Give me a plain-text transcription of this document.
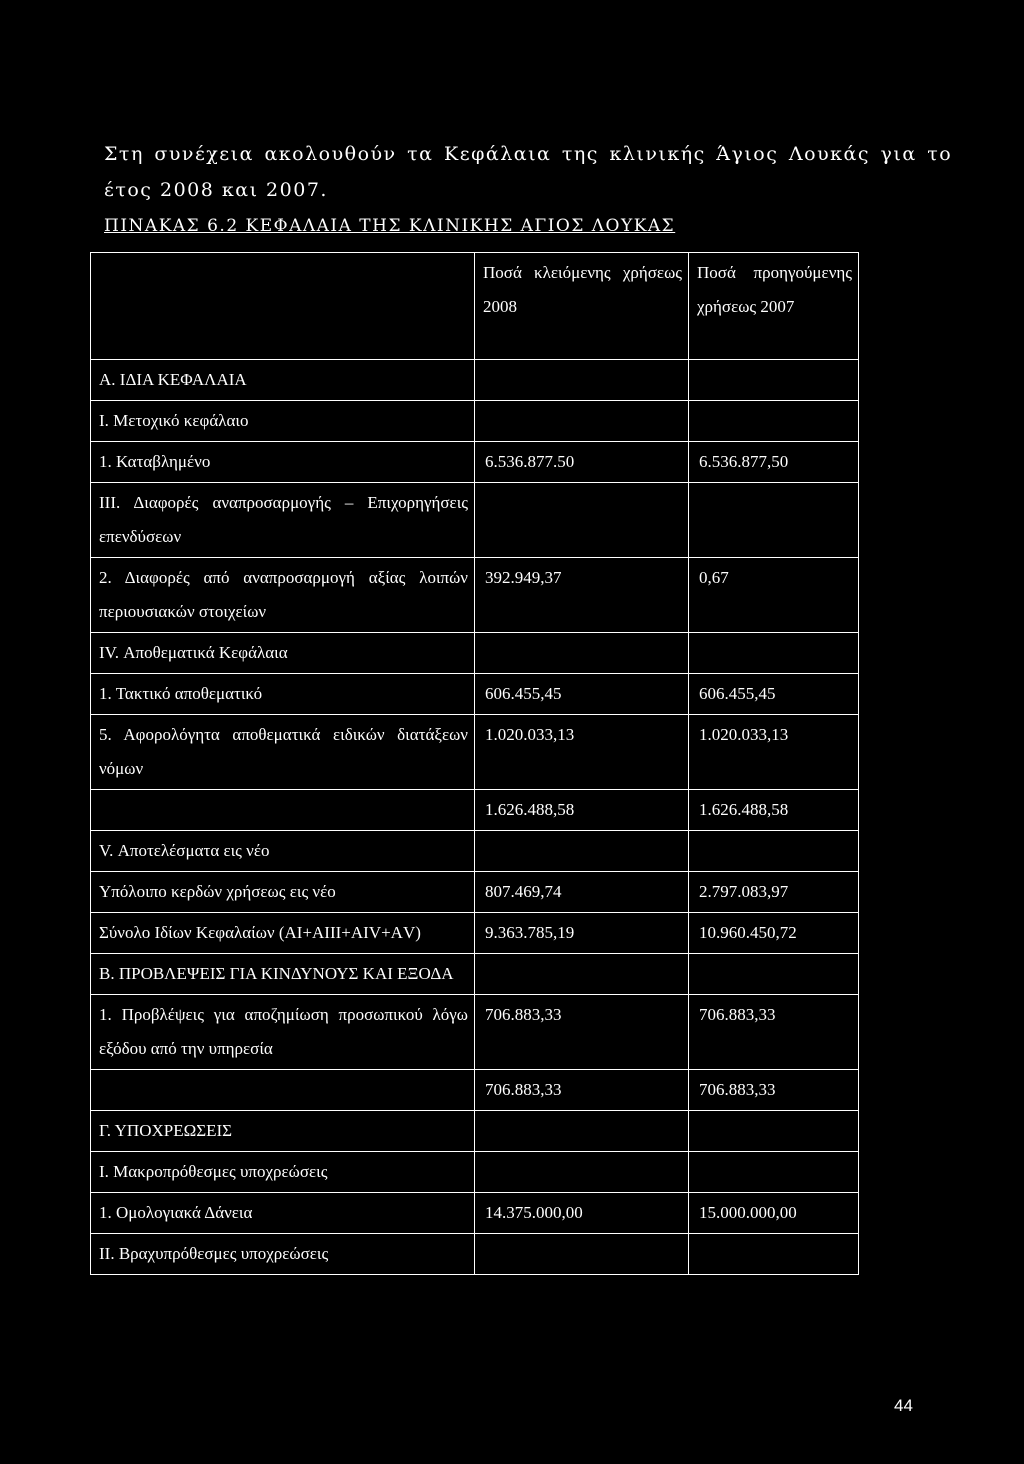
Στη συνέχεια ακολουθούν τα Κεφάλαια της κλινικής Άγιος Λουκάς για το
έτος 2008 και 2007.
ΠΙΝΑΚΑΣ 6.2 ΚΕΦΑΛΑΙΑ ΤΗΣ ΚΛΙΝΙΚΗΣ ΑΓΙΟΣ ΛΟΥΚΑΣ
	Ποσά κλειόμενης χρήσεως 2008	Ποσά προηγούμενης χρήσεως 2007
Α. ΙΔΙΑ ΚΕΦΑΛΑΙΑ		
Ι. Μετοχικό κεφάλαιο		
1. Καταβλημένο	6.536.877.50	6.536.877,50
ΙΙΙ. Διαφορές αναπροσαρμογής – Επιχορηγήσεις επενδύσεων		
2. Διαφορές από αναπροσαρμογή αξίας λοιπών περιουσιακών στοιχείων	392.949,37	0,67
ΙV. Αποθεματικά Κεφάλαια		
1. Τακτικό αποθεματικό	606.455,45	606.455,45
5. Αφορολόγητα αποθεματικά ειδικών διατάξεων νόμων	1.020.033,13	1.020.033,13
	1.626.488,58	1.626.488,58
V. Αποτελέσματα εις νέο		
Υπόλοιπο κερδών χρήσεως εις νέο	807.469,74	2.797.083,97
Σύνολο Ιδίων Κεφαλαίων (ΑΙ+ΑΙΙΙ+ΑΙV+ΑV)	9.363.785,19	10.960.450,72
Β. ΠΡΟΒΛΕΨΕΙΣ ΓΙΑ ΚΙΝΔΥΝΟΥΣ ΚΑΙ ΕΞΟΔΑ		
1. Προβλέψεις για αποζημίωση προσωπικού λόγω εξόδου από την υπηρεσία	706.883,33	706.883,33
	706.883,33	706.883,33
Γ. ΥΠΟΧΡΕΩΣΕΙΣ		
Ι. Μακροπρόθεσμες υποχρεώσεις		
1. Ομολογιακά Δάνεια	14.375.000,00	15.000.000,00
ΙΙ. Βραχυπρόθεσμες υποχρεώσεις		
44
